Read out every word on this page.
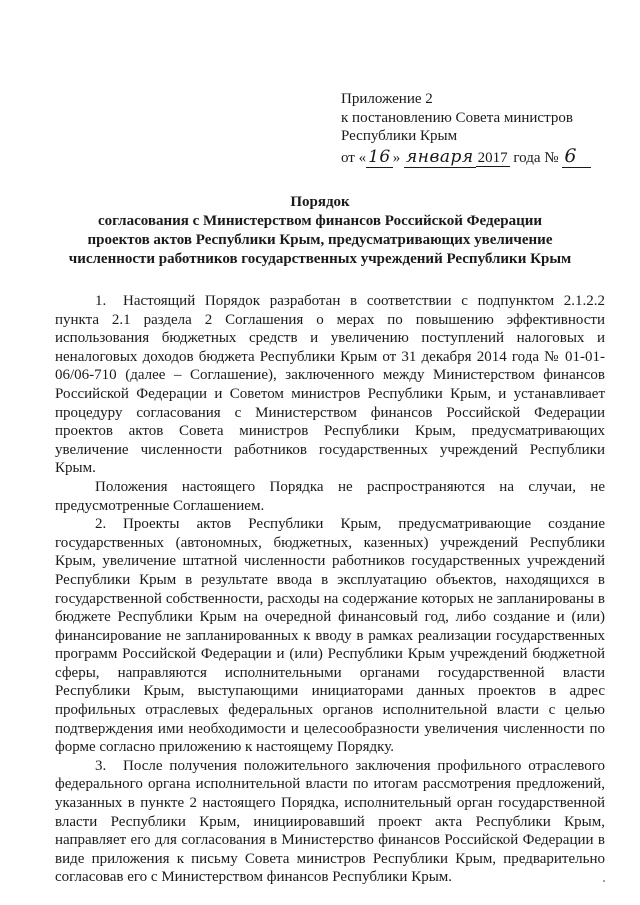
Приложение 2
к постановлению Совета министров
Республики Крым
от « 16 » января 2017 года № 6
Порядок
согласования с Министерством финансов Российской Федерации
проектов актов Республики Крым, предусматривающих увеличение
численности работников государственных учреждений Республики Крым

1. Настоящий Порядок разработан в соответствии с подпунктом 2.1.2.2 пункта 2.1 раздела 2 Соглашения о мерах по повышению эффективности использования бюджетных средств и увеличению поступлений налоговых и неналоговых доходов бюджета Республики Крым от 31 декабря 2014 года № 01-01-06/06-710 (далее – Соглашение), заключенного между Министерством финансов Российской Федерации и Советом министров Республики Крым, и устанавливает процедуру согласования с Министерством финансов Российской Федерации проектов актов Совета министров Республики Крым, предусматривающих увеличение численности работников государственных учреждений Республики Крым.

Положения настоящего Порядка не распространяются на случаи, не предусмотренные Соглашением.

2. Проекты актов Республики Крым, предусматривающие создание государственных (автономных, бюджетных, казенных) учреждений Республики Крым, увеличение штатной численности работников государственных учреждений Республики Крым в результате ввода в эксплуатацию объектов, находящихся в государственной собственности, расходы на содержание которых не запланированы в бюджете Республики Крым на очередной финансовый год, либо создание и (или) финансирование не запланированных к вводу в рамках реализации государственных программ Российской Федерации и (или) Республики Крым учреждений бюджетной сферы, направляются исполнительными органами государственной власти Республики Крым, выступающими инициаторами данных проектов в адрес профильных отраслевых федеральных органов исполнительной власти с целью подтверждения ими необходимости и целесообразности увеличения численности по форме согласно приложению к настоящему Порядку.

3. После получения положительного заключения профильного отраслевого федерального органа исполнительной власти по итогам рассмотрения предложений, указанных в пункте 2 настоящего Порядка, исполнительный орган государственной власти Республики Крым, инициировавший проект акта Республики Крым, направляет его для согласования в Министерство финансов Российской Федерации в виде приложения к письму Совета министров Республики Крым, предварительно согласовав его с Министерством финансов Республики Крым.
